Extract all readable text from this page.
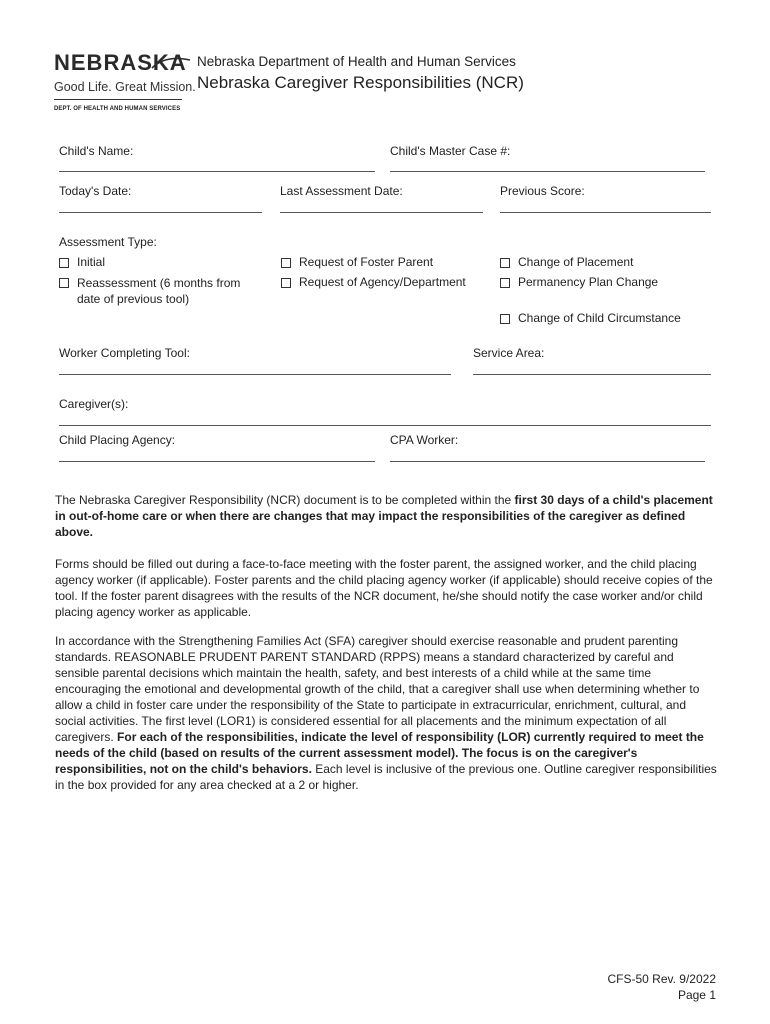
NEBRASKA
Good Life. Great Mission.
DEPT. OF HEALTH AND HUMAN SERVICES
Nebraska Department of Health and Human Services
Nebraska Caregiver Responsibilities (NCR)
Child's Name:	Child's Master Case #:
Today's Date:	Last Assessment Date:	Previous Score:
Assessment Type:
Initial
Reassessment (6 months from date of previous tool)
Request of Foster Parent
Request of Agency/Department
Change of Placement
Permanency Plan Change
Change of Child Circumstance
Worker Completing Tool:	Service Area:
Caregiver(s):
Child Placing Agency:	CPA Worker:
The Nebraska Caregiver Responsibility (NCR) document is to be completed within the first 30 days of a child's placement in out-of-home care or when there are changes that may impact the responsibilities of the caregiver as defined above.
Forms should be filled out during a face-to-face meeting with the foster parent, the assigned worker, and the child placing agency worker (if applicable). Foster parents and the child placing agency worker (if applicable) should receive copies of the tool. If the foster parent disagrees with the results of the NCR document, he/she should notify the case worker and/or child placing agency worker as applicable.
In accordance with the Strengthening Families Act (SFA) caregiver should exercise reasonable and prudent parenting standards. REASONABLE PRUDENT PARENT STANDARD (RPPS) means a standard characterized by careful and sensible parental decisions which maintain the health, safety, and best interests of a child while at the same time encouraging the emotional and developmental growth of the child, that a caregiver shall use when determining whether to allow a child in foster care under the responsibility of the State to participate in extracurricular, enrichment, cultural, and social activities. The first level (LOR1) is considered essential for all placements and the minimum expectation of all caregivers. For each of the responsibilities, indicate the level of responsibility (LOR) currently required to meet the needs of the child (based on results of the current assessment model). The focus is on the caregiver's responsibilities, not on the child's behaviors. Each level is inclusive of the previous one. Outline caregiver responsibilities in the box provided for any area checked at a 2 or higher.
CFS-50 Rev. 9/2022
Page 1
